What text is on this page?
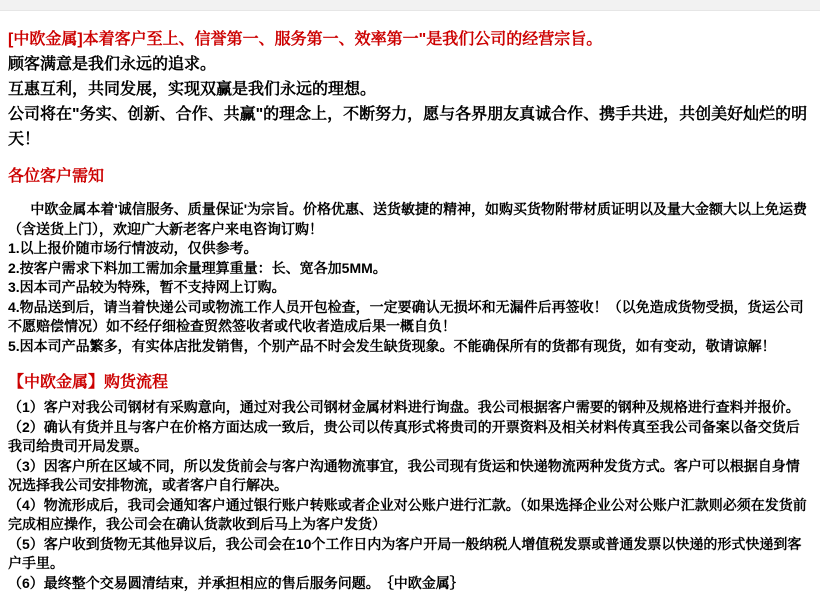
[中欧金属]本着客户至上、信誉第一、服务第一、效率第一"是我们公司的经营宗旨。

顾客满意是我们永远的追求。

互惠互利，共同发展，实现双赢是我们永远的理想。

公司将在"务实、创新、合作、共赢"的理念上，不断努力，愿与各界朋友真诚合作、携手共进，共创美好灿烂的明天！

各位客户需知

中欧金属本着'诚信服务、质量保证'为宗旨。价格优惠、送货敏捷的精神，如购买货物附带材质证明以及量大金额大以上免运费（含送货上门），欢迎广大新老客户来电咨询订购！

1.以上报价随市场行情波动，仅供参考。

2.按客户需求下料加工需加余量理算重量：长、宽各加5MM。

3.因本司产品较为特殊，暂不支持网上订购。

4.物品送到后，请当着快递公司或物流工作人员开包检查，一定要确认无损坏和无漏件后再签收！（以免造成货物受损，货运公司不愿赔偿情况）如不经仔细检查贸然签收者或代收者造成后果一概自负！

5.因本司产品繁多，有实体店批发销售，个别产品不时会发生缺货现象。不能确保所有的货都有现货，如有变动，敬请谅解！

【中欧金属】购货流程

（1）客户对我公司钢材有采购意向，通过对我公司钢材金属材料进行询盘。我公司根据客户需要的钢种及规格进行查料并报价。

（2）确认有货并且与客户在价格方面达成一致后，贵公司以传真形式将贵司的开票资料及相关材料传真至我公司备案以备交货后我司给贵司开局发票。

（3）因客户所在区域不同，所以发货前会与客户沟通物流事宜，我公司现有货运和快递物流两种发货方式。客户可以根据自身情况选择我公司安排物流，或者客户自行解决。

（4）物流形成后，我司会通知客户通过银行账户转账或者企业对公账户进行汇款。（如果选择企业公对公账户汇款则必须在发货前完成相应操作，我公司会在确认货款收到后马上为客户发货）

（5）客户收到货物无其他异议后，我公司会在10个工作日内为客户开局一般纳税人增值税发票或普通发票以快递的形式快递到客户手里。

（6）最终整个交易圆清结束，并承担相应的售后服务问题。　｛中欧金属｝
